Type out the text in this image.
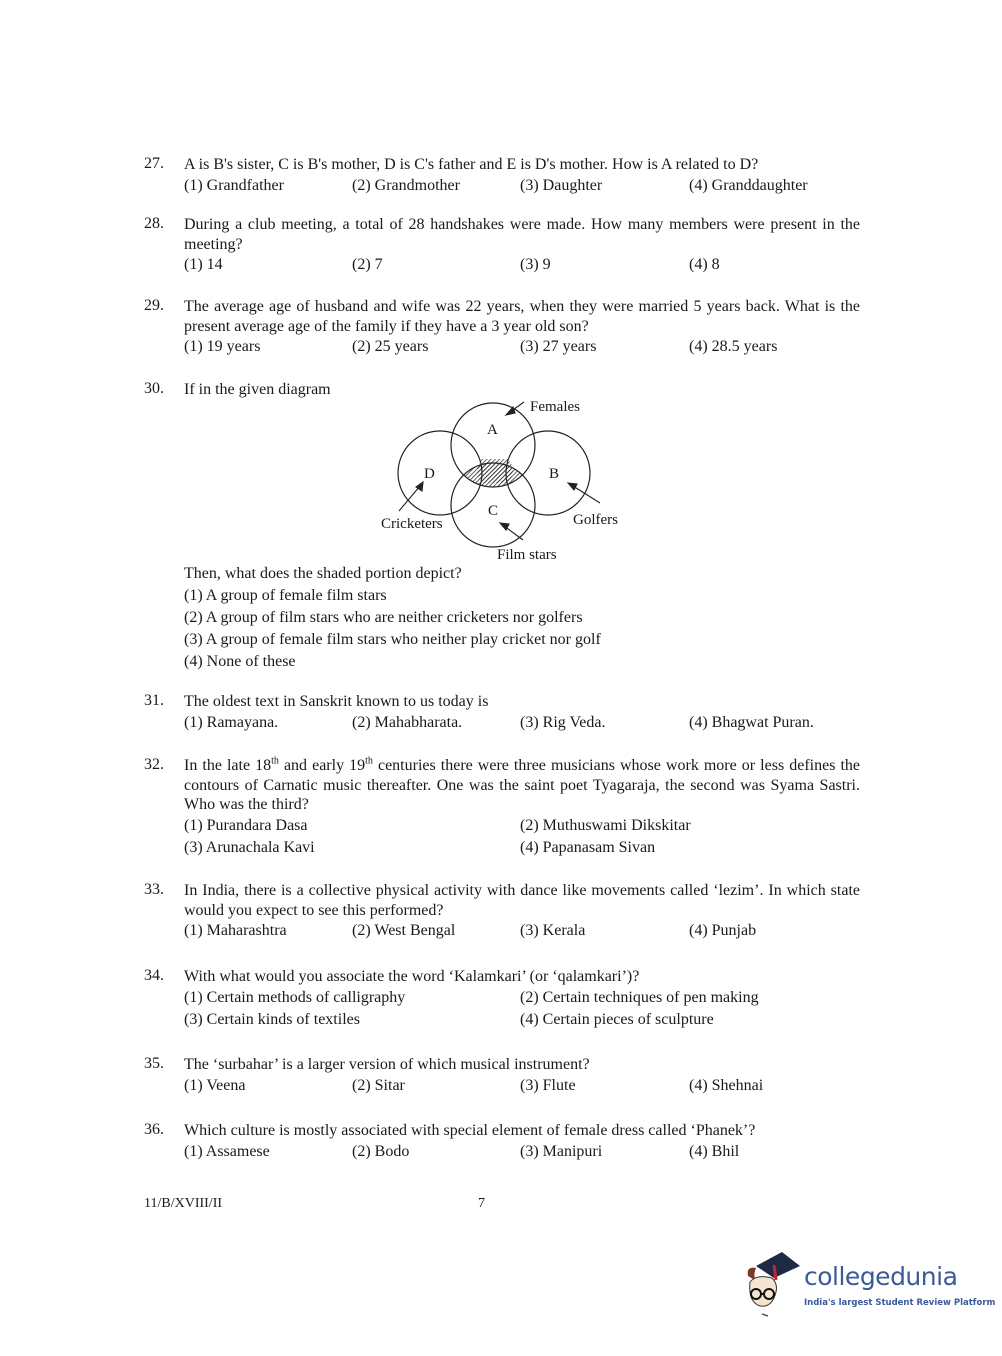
27.	A is B's sister, C is B's mother, D is C's father and E is D's mother. How is A related to D?
(1) Grandfather	(2) Grandmother	(3) Daughter	(4) Granddaughter
28.	During a club meeting, a total of 28 handshakes were made. How many members were present in the meeting?
(1) 14	(2) 7	(3) 9	(4) 8
29.	The average age of husband and wife was 22 years, when they were married 5 years back. What is the present average age of the family if they have a 3 year old son?
(1) 19 years	(2) 25 years	(3) 27 years	(4) 28.5 years
30.	If in the given diagram
A
D	B
C
Females
Golfers
Cricketers
Film stars
Then, what does the shaded portion depict?
(1) A group of female film stars
(2) A group of film stars who are neither cricketers nor golfers
(3) A group of female film stars who neither play cricket nor golf
(4) None of these
31.	The oldest text in Sanskrit known to us today is
(1) Ramayana.	(2) Mahabharata.	(3) Rig Veda.	(4) Bhagwat Puran.
32.	In the late 18th and early 19th centuries there were three musicians whose work more or less defines the contours of Carnatic music thereafter. One was the saint poet Tyagaraja, the second was Syama Sastri. Who was the third?
(1) Purandara Dasa	(2) Muthuswami Dikskitar
(3) Arunachala Kavi	(4) Papanasam Sivan
33.	In India, there is a collective physical activity with dance like movements called ‘lezim’. In which state would you expect to see this performed?
(1) Maharashtra	(2) West Bengal	(3) Kerala	(4) Punjab
34.	With what would you associate the word ‘Kalamkari’ (or ‘qalamkari’)?
(1) Certain methods of calligraphy	(2) Certain techniques of pen making
(3) Certain kinds of textiles	(4) Certain pieces of sculpture
35.	The ‘surbahar’ is a larger version of which musical instrument?
(1) Veena	(2) Sitar	(3) Flute	(4) Shehnai
36.	Which culture is mostly associated with special element of female dress called ‘Phanek’?
(1) Assamese	(2) Bodo	(3) Manipuri	(4) Bhil
11/B/XVIII/II	7
collegedunia
India's largest Student Review Platform
